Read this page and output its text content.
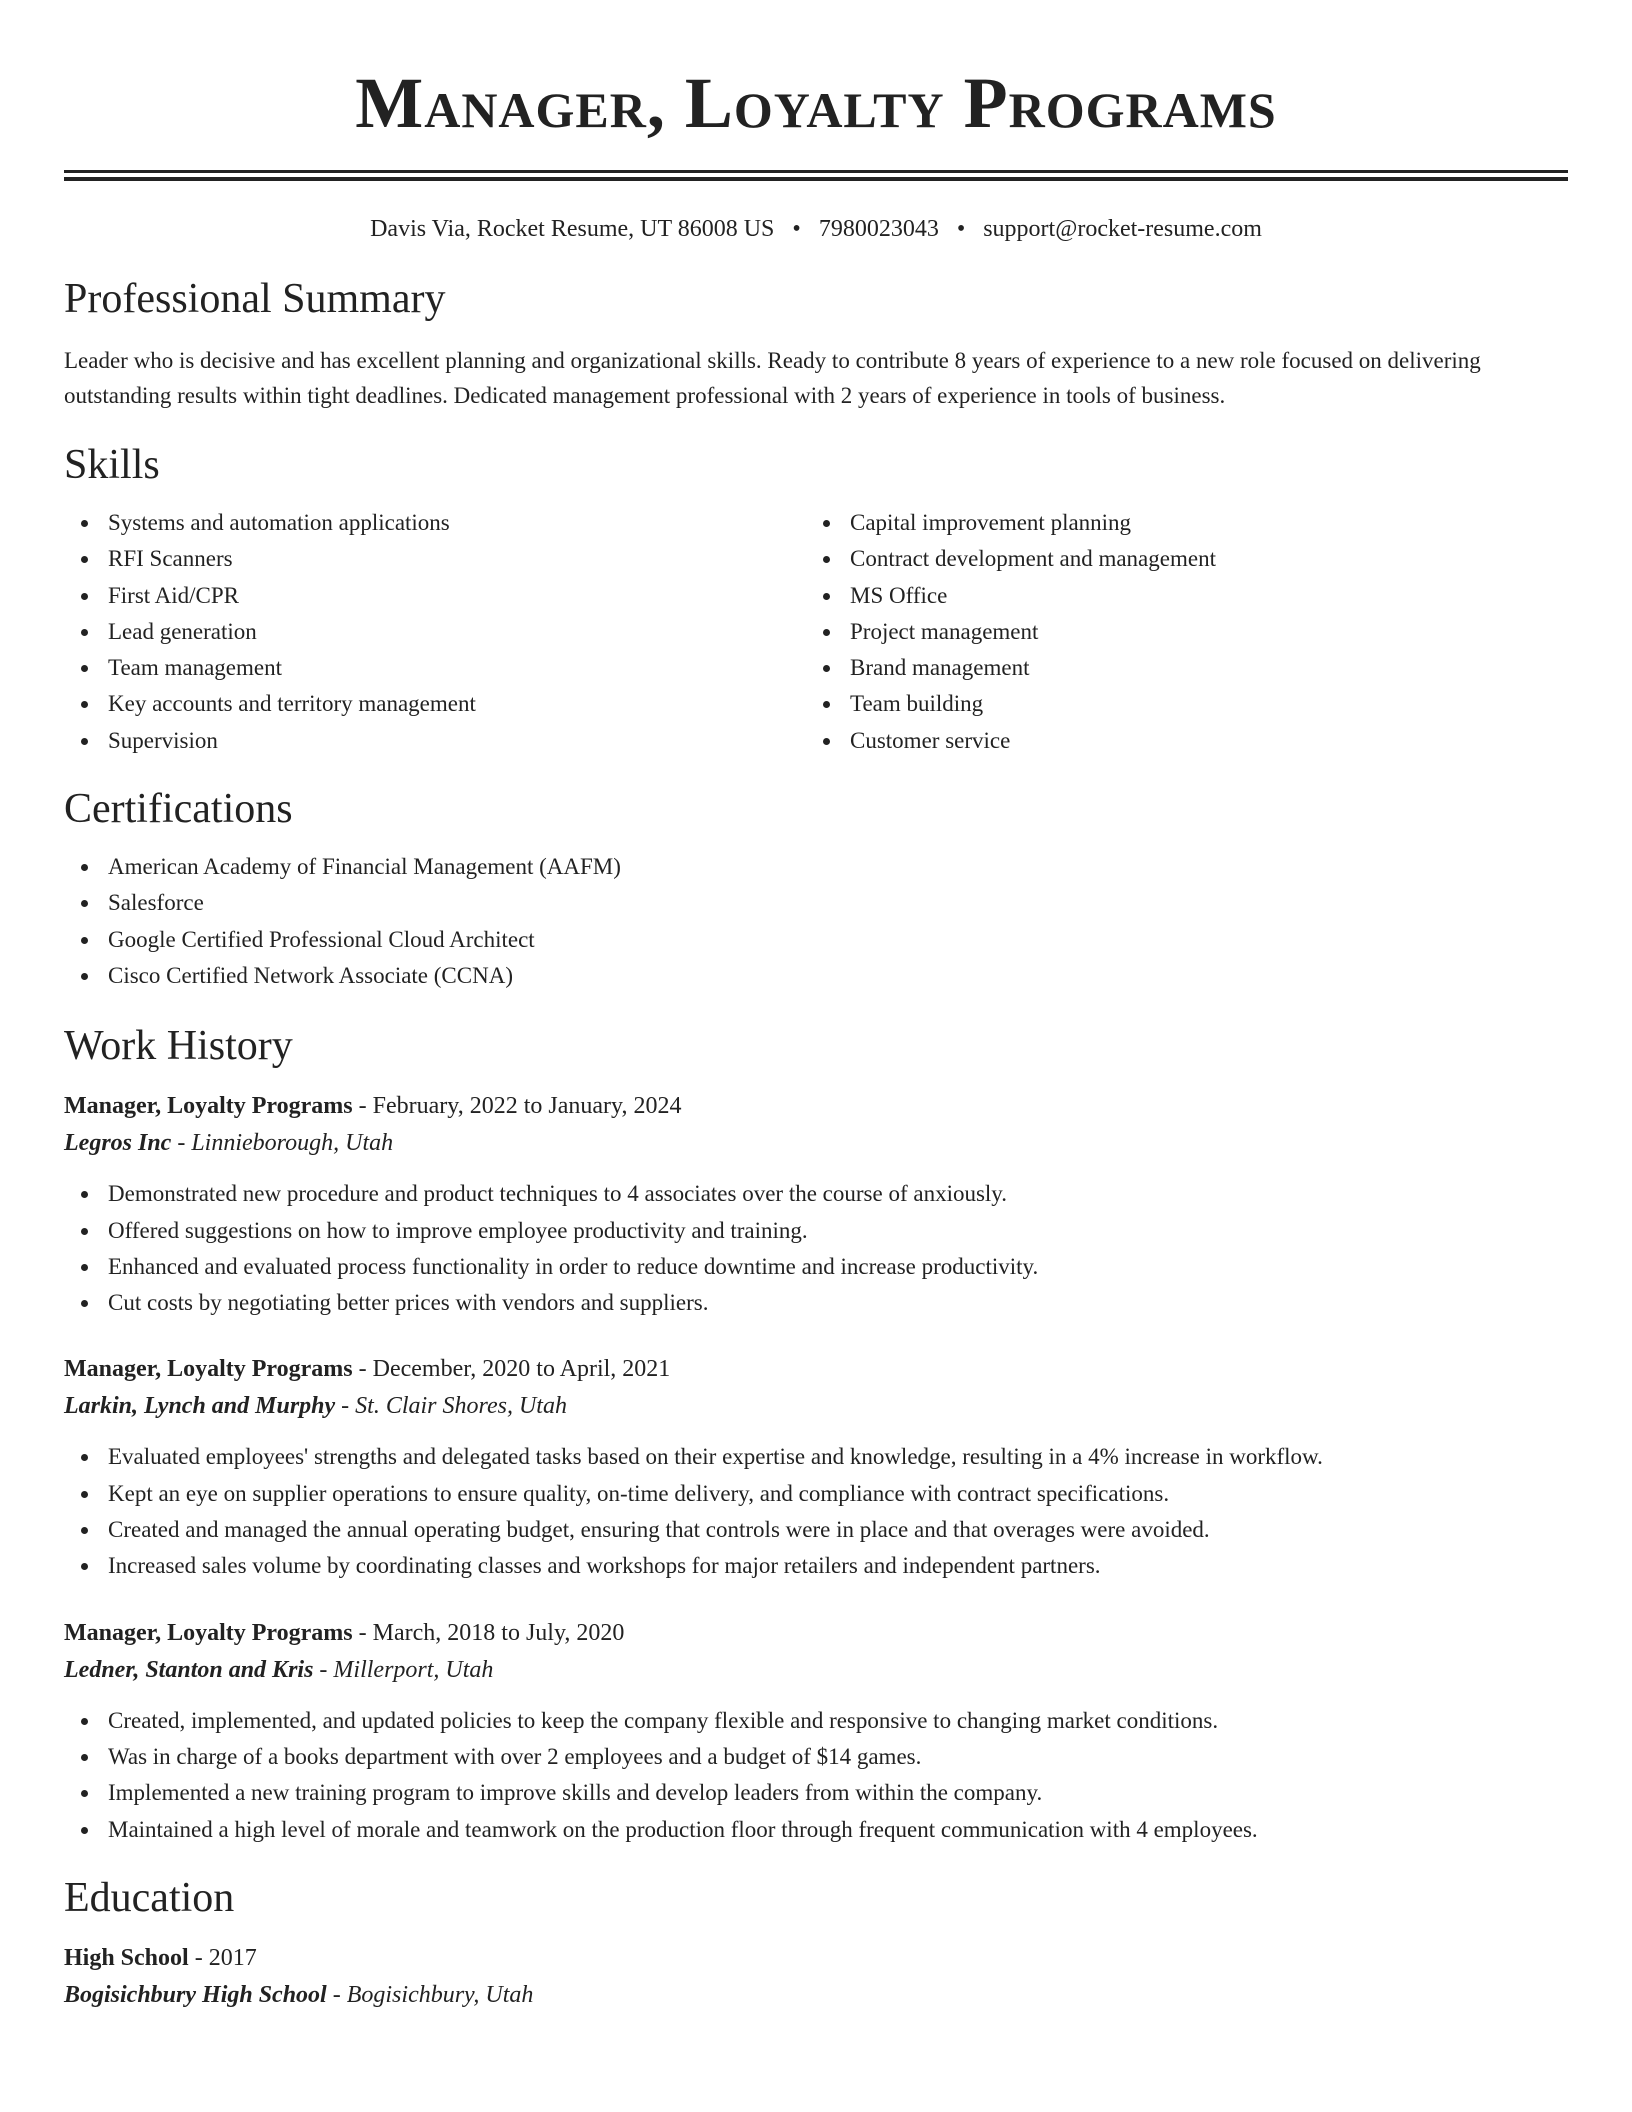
Manager, Loyalty Programs
Davis Via, Rocket Resume, UT 86008 US • 7980023043 • support@rocket-resume.com
Professional Summary

Leader who is decisive and has excellent planning and organizational skills. Ready to contribute 8 years of experience to a new role focused on delivering outstanding results within tight deadlines. Dedicated management professional with 2 years of experience in tools of business.

Skills
Systems and automation applications
RFI Scanners
First Aid/CPR
Lead generation
Team management
Key accounts and territory management
Supervision
Capital improvement planning
Contract development and management
MS Office
Project management
Brand management
Team building
Customer service
Certifications
American Academy of Financial Management (AAFM)
Salesforce
Google Certified Professional Cloud Architect
Cisco Certified Network Associate (CCNA)
Work History
Manager, Loyalty Programs - February, 2022 to January, 2024
Legros Inc - Linnieborough, Utah
Demonstrated new procedure and product techniques to 4 associates over the course of anxiously.
Offered suggestions on how to improve employee productivity and training.
Enhanced and evaluated process functionality in order to reduce downtime and increase productivity.
Cut costs by negotiating better prices with vendors and suppliers.
Manager, Loyalty Programs - December, 2020 to April, 2021
Larkin, Lynch and Murphy - St. Clair Shores, Utah
Evaluated employees' strengths and delegated tasks based on their expertise and knowledge, resulting in a 4% increase in workflow.
Kept an eye on supplier operations to ensure quality, on-time delivery, and compliance with contract specifications.
Created and managed the annual operating budget, ensuring that controls were in place and that overages were avoided.
Increased sales volume by coordinating classes and workshops for major retailers and independent partners.
Manager, Loyalty Programs - March, 2018 to July, 2020
Ledner, Stanton and Kris - Millerport, Utah
Created, implemented, and updated policies to keep the company flexible and responsive to changing market conditions.
Was in charge of a books department with over 2 employees and a budget of $14 games.
Implemented a new training program to improve skills and develop leaders from within the company.
Maintained a high level of morale and teamwork on the production floor through frequent communication with 4 employees.
Education
High School - 2017
Bogisichbury High School - Bogisichbury, Utah
